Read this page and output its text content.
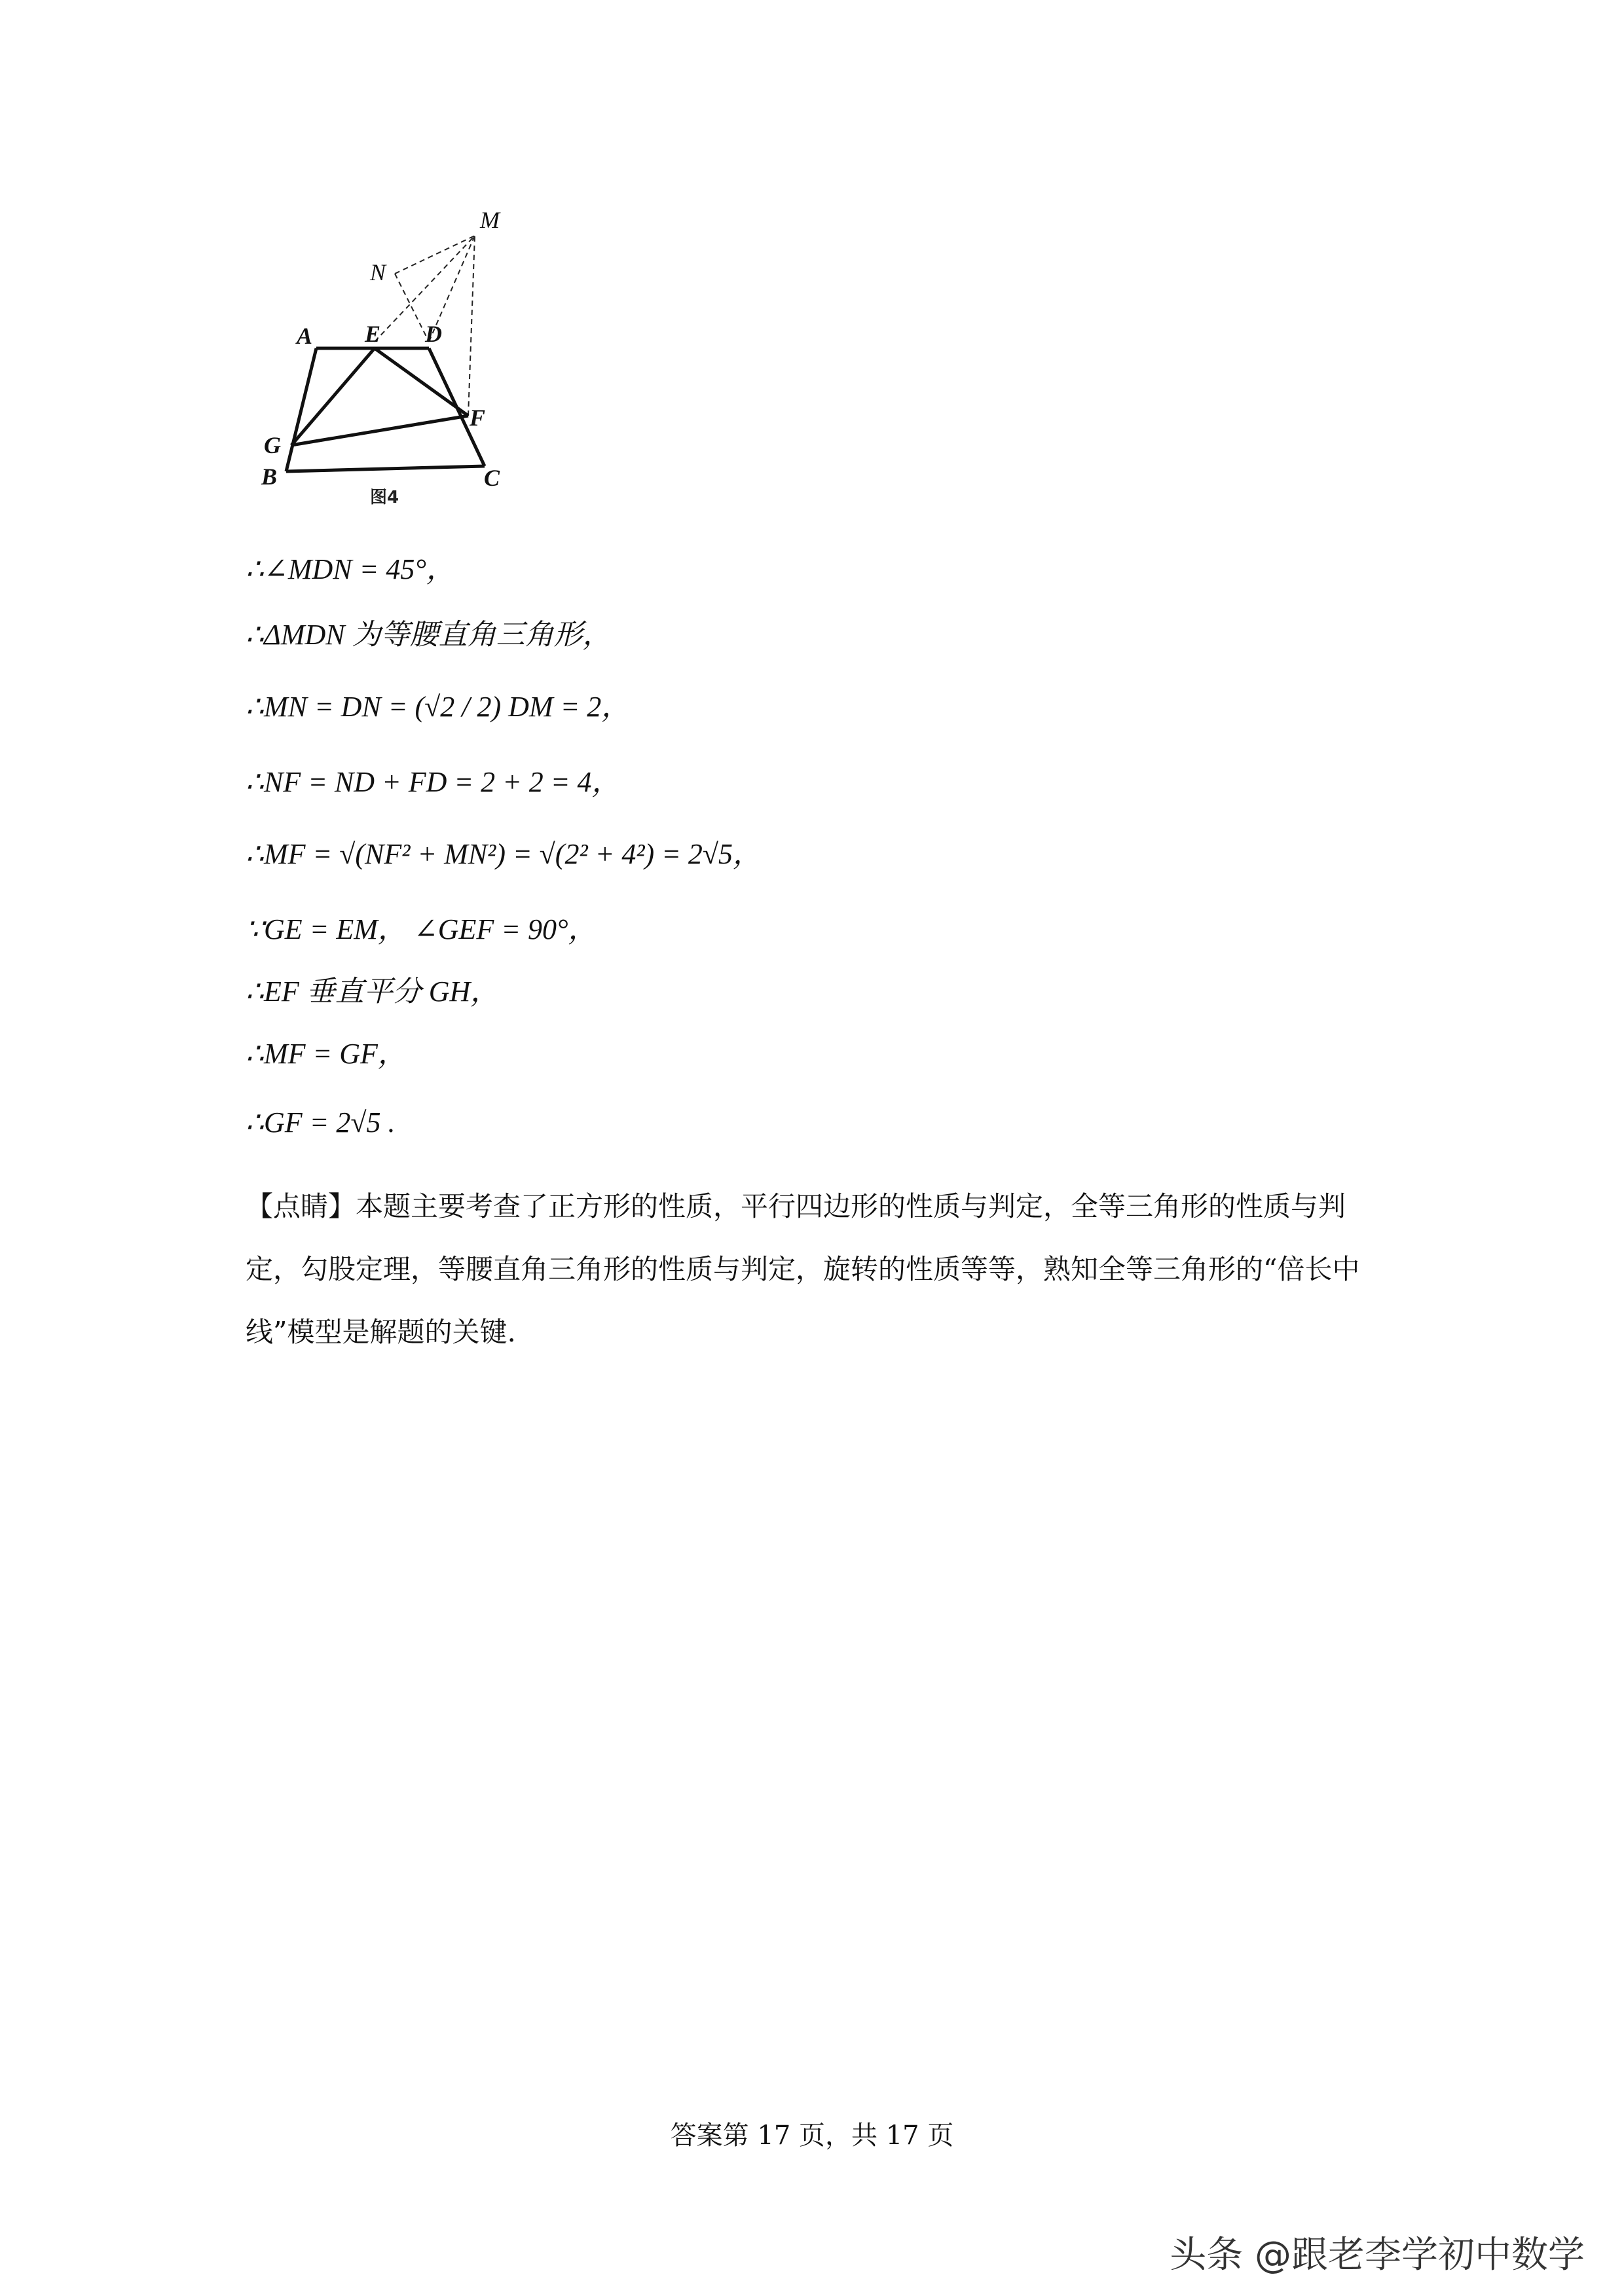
M
N
A E D
G
F
B	C
图4
∴∠MDN = 45°，
∴ΔMDN 为等腰直角三角形，
∴MN = DN = (√2 / 2) DM = 2，
∴NF = ND + FD = 2 + 2 = 4，
∴MF = √(NF² + MN²) = √(2² + 4²) = 2√5，
∵GE = EM， ∠GEF = 90°，
∴EF 垂直平分 GH，
∴MF = GF，
∴GF = 2√5 .
【点睛】本题主要考查了正方形的性质，平行四边形的性质与判定，全等三角形的性质与判定，勾股定理，等腰直角三角形的性质与判定，旋转的性质等等，熟知全等三角形的“倍长中线”模型是解题的关键.
答案第 17 页，共 17 页
头条 @跟老李学初中数学
